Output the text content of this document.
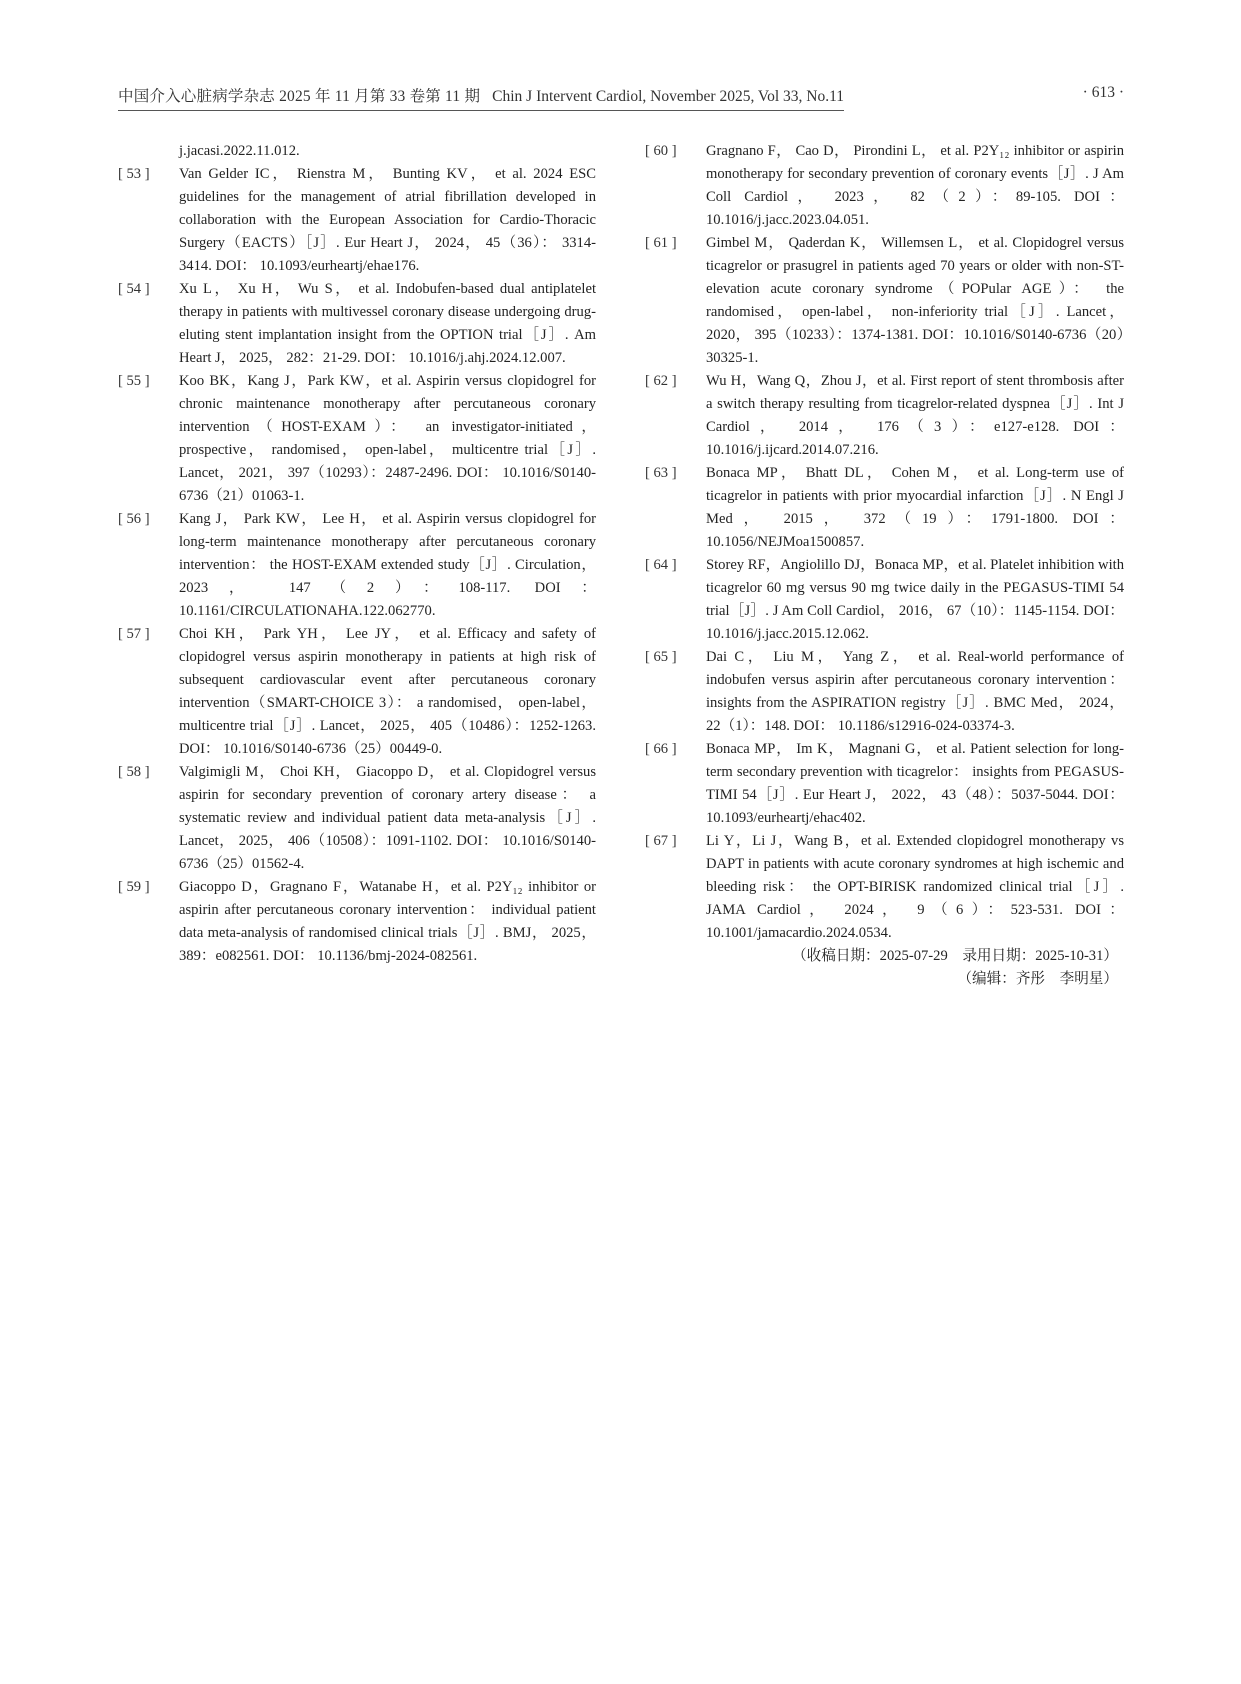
中国介入心脏病学杂志 2025 年 11 月第 33 卷第 11 期 Chin J Intervent Cardiol, November 2025, Vol 33, No.11	· 613 ·
j.jacasi.2022.11.012.
[ 53 ]	Van Gelder IC， Rienstra M， Bunting KV， et al. 2024 ESC guidelines for the management of atrial fibrillation developed in collaboration with the European Association for Cardio-Thoracic Surgery（EACTS）［J］. Eur Heart J， 2024， 45（36）： 3314-3414. DOI： 10.1093/eurheartj/ehae176.
[ 54 ]	Xu L， Xu H， Wu S， et al. Indobufen-based dual antiplatelet therapy in patients with multivessel coronary disease undergoing drug-eluting stent implantation insight from the OPTION trial［J］. Am Heart J， 2025， 282：21-29. DOI： 10.1016/j.ahj.2024.12.007.
[ 55 ]	Koo BK，Kang J，Park KW，et al. Aspirin versus clopidogrel for chronic maintenance monotherapy after percutaneous coronary intervention（HOST-EXAM）： an investigator-initiated， prospective， randomised， open-label， multicentre trial［J］. Lancet， 2021， 397（10293）：2487-2496. DOI： 10.1016/S0140-6736（21）01063-1.
[ 56 ]	Kang J， Park KW， Lee H， et al. Aspirin versus clopidogrel for long-term maintenance monotherapy after percutaneous coronary intervention： the HOST-EXAM extended study［J］. Circulation， 2023， 147（2）：108-117. DOI： 10.1161/CIRCULATIONAHA.122.062770.
[ 57 ]	Choi KH， Park YH， Lee JY， et al. Efficacy and safety of clopidogrel versus aspirin monotherapy in patients at high risk of subsequent cardiovascular event after percutaneous coronary intervention（SMART-CHOICE 3）： a randomised， open-label， multicentre trial［J］. Lancet， 2025， 405（10486）：1252-1263. DOI： 10.1016/S0140-6736（25）00449-0.
[ 58 ]	Valgimigli M， Choi KH， Giacoppo D， et al. Clopidogrel versus aspirin for secondary prevention of coronary artery disease： a systematic review and individual patient data meta-analysis［J］. Lancet， 2025， 406（10508）：1091-1102. DOI： 10.1016/S0140-6736（25）01562-4.
[ 59 ]	Giacoppo D，Gragnano F，Watanabe H，et al. P2Y₁₂ inhibitor or aspirin after percutaneous coronary intervention： individual patient data meta-analysis of randomised clinical trials［J］. BMJ， 2025， 389：e082561. DOI： 10.1136/bmj-2024-082561.
[ 60 ]	Gragnano F， Cao D， Pirondini L， et al. P2Y₁₂ inhibitor or aspirin monotherapy for secondary prevention of coronary events［J］. J Am Coll Cardiol， 2023， 82（2）：89-105. DOI：10.1016/j.jacc.2023.04.051.
[ 61 ]	Gimbel M， Qaderdan K， Willemsen L， et al. Clopidogrel versus ticagrelor or prasugrel in patients aged 70 years or older with non-ST-elevation acute coronary syndrome（POPular AGE）： the randomised， open-label， non-inferiority trial［J］. Lancet， 2020， 395（10233）：1374-1381. DOI：10.1016/S0140-6736（20）30325-1.
[ 62 ]	Wu H，Wang Q，Zhou J，et al. First report of stent thrombosis after a switch therapy resulting from ticagrelor-related dyspnea［J］. Int J Cardiol， 2014， 176（3）：e127-e128. DOI：10.1016/j.ijcard.2014.07.216.
[ 63 ]	Bonaca MP， Bhatt DL， Cohen M， et al. Long-term use of ticagrelor in patients with prior myocardial infarction［J］. N Engl J Med， 2015， 372（19）：1791-1800. DOI： 10.1056/NEJMoa1500857.
[ 64 ]	Storey RF，Angiolillo DJ，Bonaca MP，et al. Platelet inhibition with ticagrelor 60 mg versus 90 mg twice daily in the PEGASUS-TIMI 54 trial［J］. J Am Coll Cardiol， 2016， 67（10）：1145-1154. DOI： 10.1016/j.jacc.2015.12.062.
[ 65 ]	Dai C， Liu M， Yang Z， et al. Real-world performance of indobufen versus aspirin after percutaneous coronary intervention：insights from the ASPIRATION registry［J］. BMC Med， 2024， 22（1）：148. DOI： 10.1186/s12916-024-03374-3.
[ 66 ]	Bonaca MP， Im K， Magnani G， et al. Patient selection for long-term secondary prevention with ticagrelor： insights from PEGASUS-TIMI 54［J］. Eur Heart J， 2022， 43（48）：5037-5044. DOI： 10.1093/eurheartj/ehac402.
[ 67 ]	Li Y，Li J，Wang B，et al. Extended clopidogrel monotherapy vs DAPT in patients with acute coronary syndromes at high ischemic and bleeding risk： the OPT-BIRISK randomized clinical trial［J］. JAMA Cardiol， 2024， 9（6）：523-531. DOI：10.1001/jamacardio.2024.0534.
（收稿日期：2025-07-29　录用日期：2025-10-31）
（编辑：齐彤　李明星）
